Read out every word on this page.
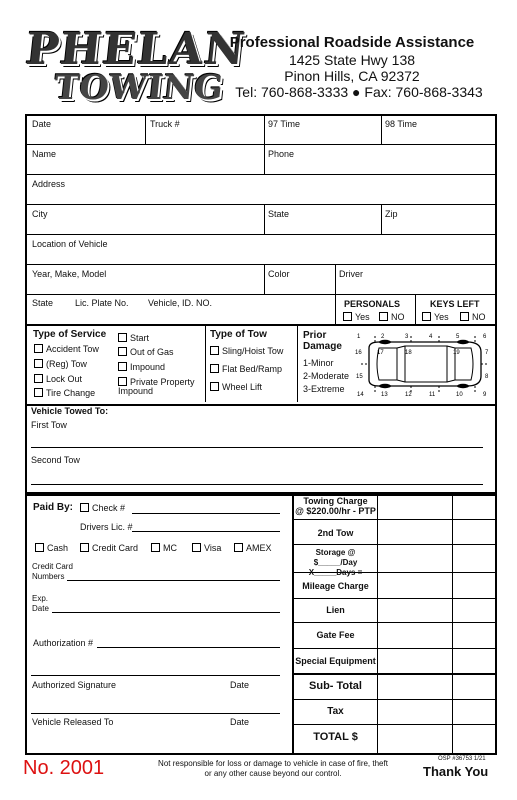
PHELAN
TOWING
Professional Roadside Assistance
1425 State Hwy 138
Pinon Hills, CA 92372
Tel: 760-868-3333 ● Fax: 760-868-3343
Date	Truck #	97 Time	98 Time
Name	Phone
Address
City	State	Zip
Location of Vehicle
Year, Make, Model	Color	Driver
State Lic. Plate No. Vehicle, ID. NO.	PERSONALS	KEYS LEFT
Yes	NO	Yes	NO
Type of Service
Accident Tow
(Reg) Tow
Lock Out
Tire Change
Start
Out of Gas
Impound
Private Property Impound
Type of Tow
Sling/Hoist Tow
Flat Bed/Ramp
Wheel Lift
Prior
Damage
1-Minor
2-Moderate
3-Extreme
1	2	3	4	5	6
14	13	12	11	10	9
16	17	18	19	7
15	8
Vehicle Towed To:
First Tow
Second Tow
Paid By:	Check #
Drivers Lic. #
Cash	Credit Card	MC	Visa	AMEX
Credit Card
Numbers
Exp.
Date
Authorization #
Authorized Signature	Date
Vehicle Released To	Date
Towing Charge
@ $220.00/hr - PTP
2nd Tow
Storage @ $_____/Day
X_____Days =
Mileage Charge
Lien
Gate Fee
Special Equipment
Sub- Total
Tax
TOTAL $
No. 2001	Not responsible for loss or damage to vehicle in case of fire, theft or any other cause beyond our control.
OSP #36753 1/21
Thank You
